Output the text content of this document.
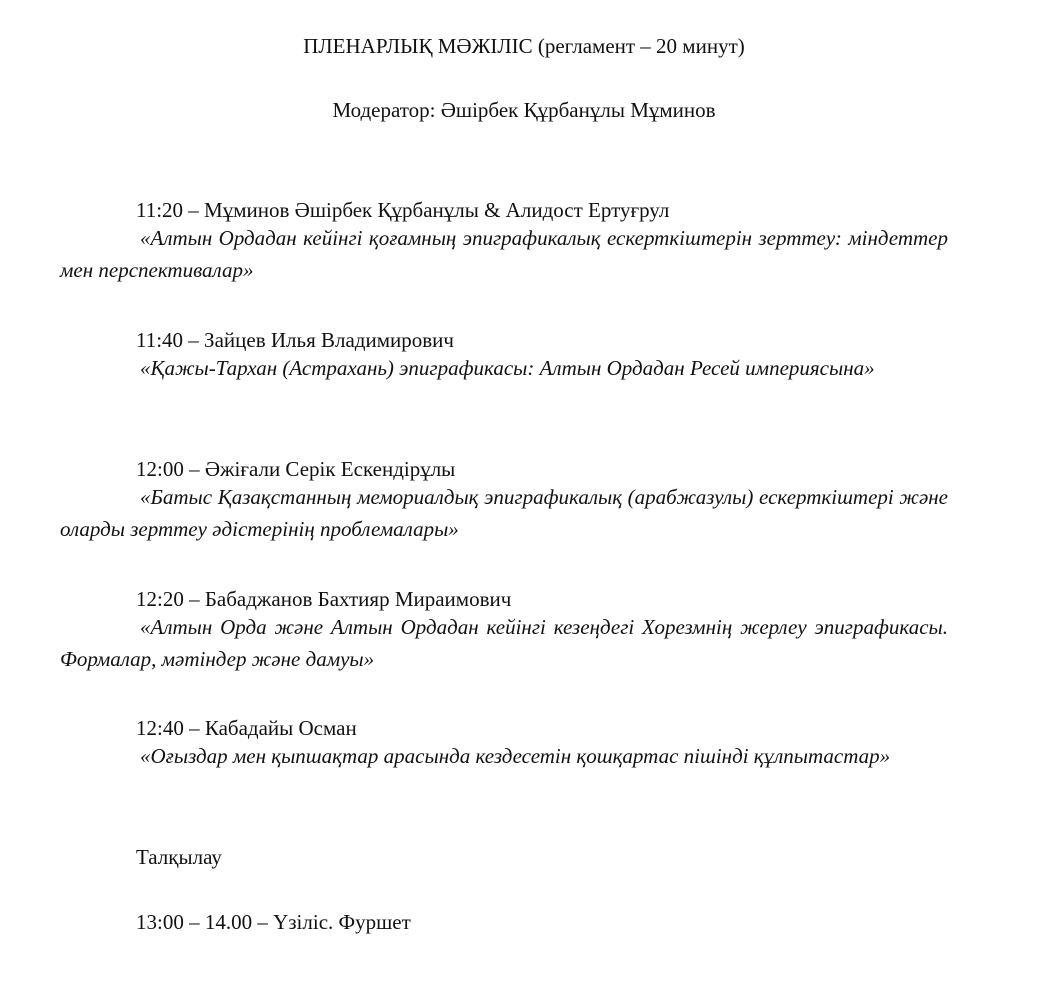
ПЛЕНАРЛЫҚ МӘЖІЛІС (регламент – 20 минут)
Модератор: Әшірбек Құрбанұлы Мұминов
11:20 – Мұминов Әшірбек Құрбанұлы & Алидост Ертуғрул
«Алтын Ордадан кейінгі қоғамның эпиграфикалық ескерткіштерін зерттеу: міндеттер мен перспективалар»
11:40 – Зайцев Илья Владимирович
«Қажы-Тархан (Астрахань) эпиграфикасы: Алтын Ордадан Ресей империясына»
12:00 – Әжіғали Серік Ескендірұлы
«Батыс Қазақстанның мемориалдық эпиграфикалық (арабжазулы) ескерткіштері және оларды зерттеу әдістерінің проблемалары»
12:20 – Бабаджанов Бахтияр Мираимович
«Алтын Орда және Алтын Ордадан кейінгі кезеңдегі Хорезмнің жерлеу эпиграфикасы. Формалар, мәтіндер және дамуы»
12:40 – Кабадайы Осман
«Оғыздар мен қыпшақтар арасында кездесетін қошқартас пішінді құлпытастар»
Талқылау
13:00 – 14.00 – Үзіліс. Фуршет
